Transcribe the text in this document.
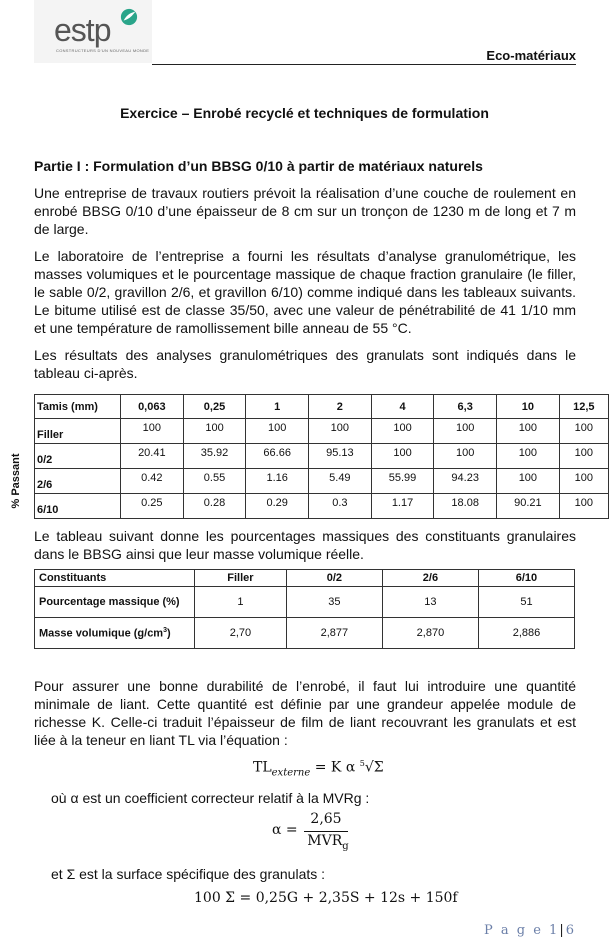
estp
CONSTRUCTEURS D'UN NOUVEAU MONDE	Eco-matériaux
Exercice – Enrobé recyclé et techniques de formulation
Partie I : Formulation d’un BBSG 0/10 à partir de matériaux naturels
Une entreprise de travaux routiers prévoit la réalisation d’une couche de roulement en enrobé BBSG 0/10 d’une épaisseur de 8 cm sur un tronçon de 1230 m de long et 7 m de large.
Le laboratoire de l’entreprise a fourni les résultats d’analyse granulométrique, les masses volumiques et le pourcentage massique de chaque fraction granulaire (le filler, le sable 0/2, gravillon 2/6, et gravillon 6/10) comme indiqué dans les tableaux suivants. Le bitume utilisé est de classe 35/50, avec une valeur de pénétrabilité de 41 1/10 mm et une température de ramollissement bille anneau de 55 °C.
Les résultats des analyses granulométriques des granulats sont indiqués dans le tableau ci-après.
% Passant
Tamis (mm)	0,063	0,25	1	2	4	6,3	10	12,5
Filler	100	100	100	100	100	100	100	100
0/2	20.41	35.92	66.66	95.13	100	100	100	100
2/6	0.42	0.55	1.16	5.49	55.99	94.23	100	100
6/10	0.25	0.28	0.29	0.3	1.17	18.08	90.21	100
Le tableau suivant donne les pourcentages massiques des constituants granulaires dans le BBSG ainsi que leur masse volumique réelle.
Constituants	Filler	0/2	2/6	6/10
Pourcentage massique (%)	1	35	13	51
Masse volumique $(g/cm^3)$	2,70	2,877	2,870	2,886
Pour assurer une bonne durabilité de l’enrobé, il faut lui introduire une quantité minimale de liant. Cette quantité est définie par une grandeur appelée module de richesse K. Celle-ci traduit l’épaisseur de film de liant recouvrant les granulats et est liée à la teneur en liant TL via l’équation :
$TL_{externe} = K$ α $^5$√Σ
où α est un coefficient correcteur relatif à la MVRg :
α =
2,65
$MVR_g$
et Σ est la surface spécifique des granulats :
100 Σ = 0,25G + 2,35S + 12s + 150f
P a g e 1|6
